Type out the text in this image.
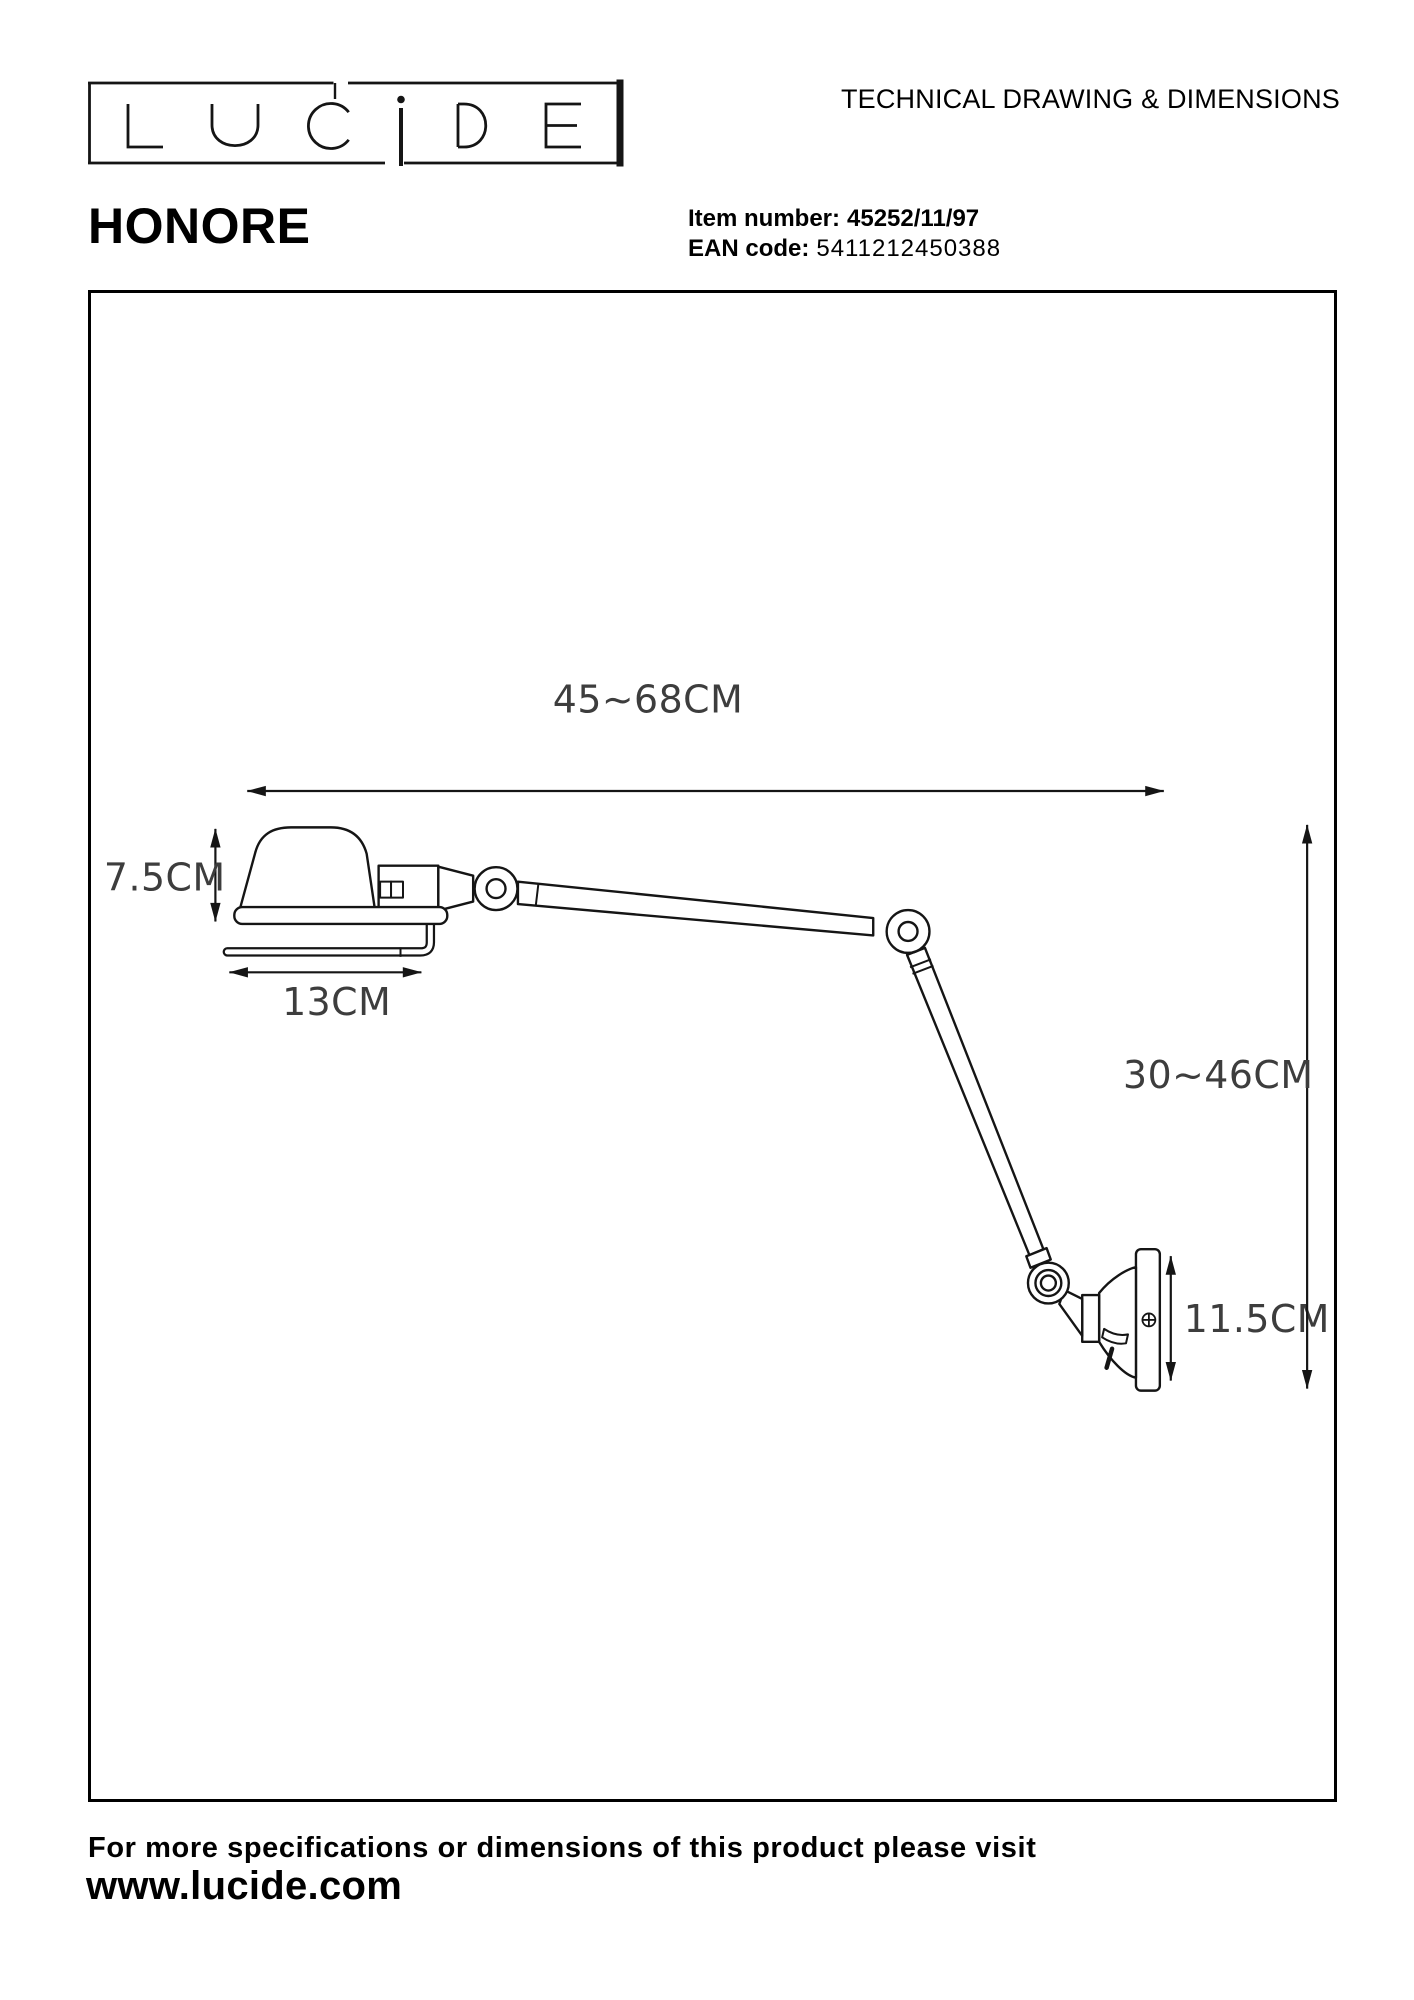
TECHNICAL DRAWING & DIMENSIONS
HONORE	Item number: 45252/11/97
EAN code: 5411212450388
45~68CM
7.5CM
13CM
11.5CM
30~46CM
For more specifications or dimensions of this product please visit
www.lucide.com
